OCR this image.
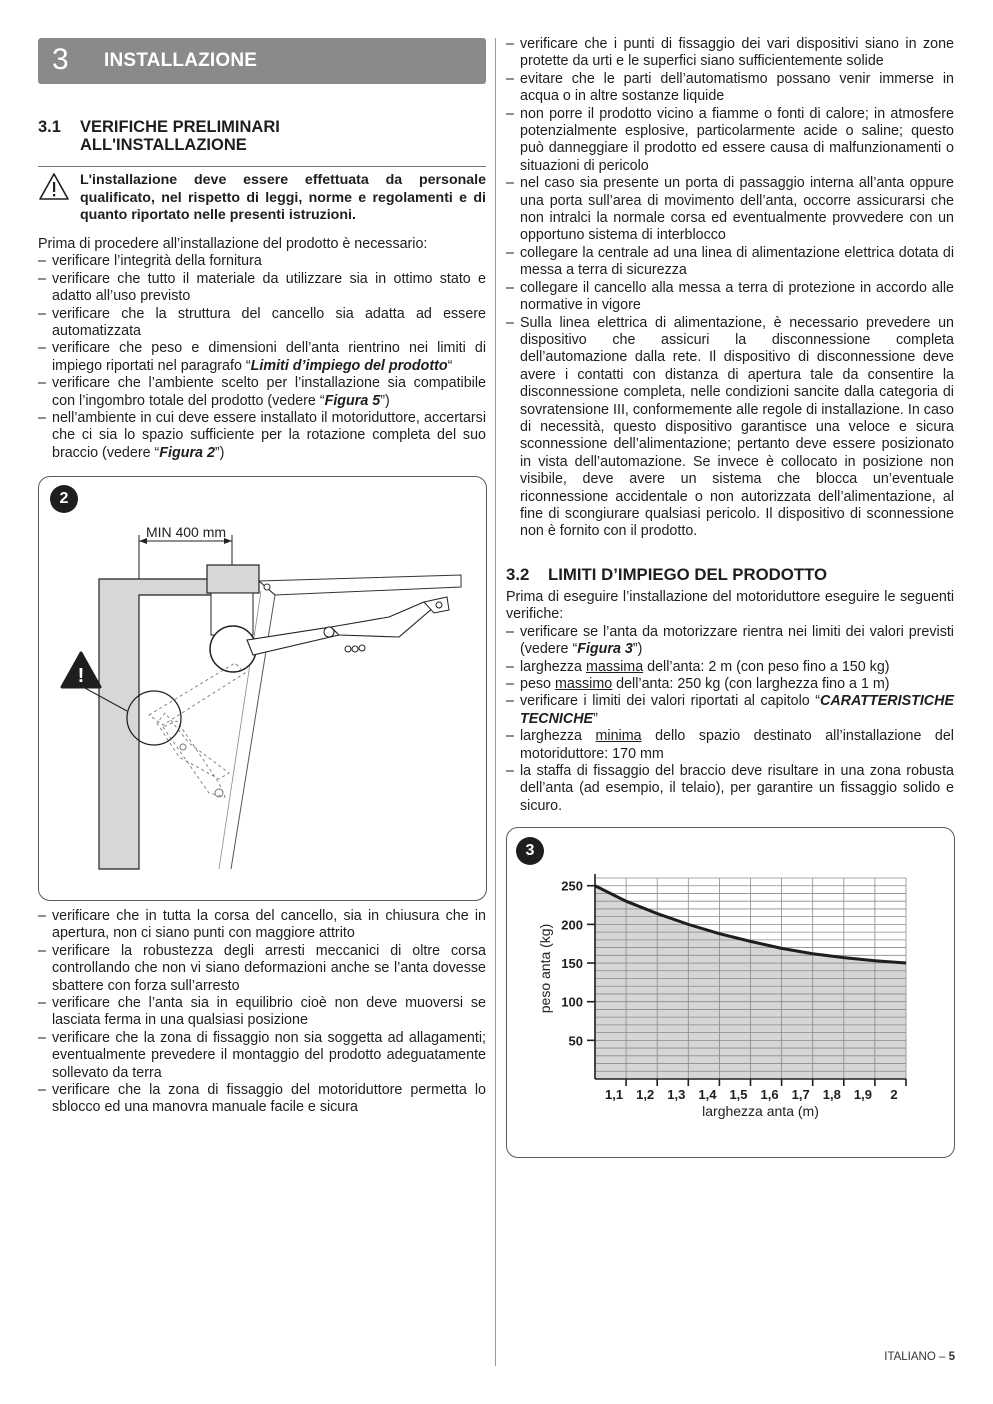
3 INSTALLAZIONE
3.1 VERIFICHE PRELIMINARI
ALL'INSTALLAZIONE
L'installazione deve essere effettuata da personale qualificato, nel rispetto di leggi, norme e regolamenti e di quanto riportato nelle presenti istruzioni.

Prima di procedere all’installazione del prodotto è necessario:

– verificare l’integrità della fornitura
– verificare che tutto il materiale da utilizzare sia in ottimo stato e adatto all’uso previsto
– verificare che la struttura del cancello sia adatta ad essere automatizzata
– verificare che peso e dimensioni dell’anta rientrino nei limiti di impiego riportati nel paragrafo “Limiti d’impiego del prodotto“
– verificare che l’ambiente scelto per l’installazione sia compatibile con l’ingombro totale del prodotto (vedere “Figura 5”)
– nell’ambiente in cui deve essere installato il motoriduttore, accertarsi che ci sia lo spazio sufficiente per la rotazione completa del suo braccio (vedere “Figura 2”)
2
!
MIN 400 mm
– verificare che in tutta la corsa del cancello, sia in chiusura che in apertura, non ci siano punti con maggiore attrito
– verificare la robustezza degli arresti meccanici di oltre corsa controllando che non vi siano deformazioni anche se l’anta dovesse sbattere con forza sull’arresto
– verificare che l’anta sia in equilibrio cioè non deve muoversi se lasciata ferma in una qualsiasi posizione
– verificare che la zona di fissaggio non sia soggetta ad allagamenti; eventualmente prevedere il montaggio del prodotto adeguatamente sollevato da terra
– verificare che la zona di fissaggio del motoriduttore permetta lo sblocco ed una manovra manuale facile e sicura
– verificare che i punti di fissaggio dei vari dispositivi siano in zone protette da urti e le superfici siano sufficientemente solide
– evitare che le parti dell’automatismo possano venir immerse in acqua o in altre sostanze liquide
– non porre il prodotto vicino a fiamme o fonti di calore; in atmosfere potenzialmente esplosive, particolarmente acide o saline; questo può danneggiare il prodotto ed essere causa di malfunzionamenti o situazioni di pericolo
– nel caso sia presente un porta di passaggio interna all’anta oppure una porta sull’area di movimento dell’anta, occorre assicurarsi che non intralci la normale corsa ed eventualmente provvedere con un opportuno sistema di interblocco
– collegare la centrale ad una linea di alimentazione elettrica dotata di messa a terra di sicurezza
– collegare il cancello alla messa a terra di protezione in accordo alle normative in vigore
– Sulla linea elettrica di alimentazione, è necessario prevedere un dispositivo che assicuri la disconnessione completa dell’automazione dalla rete. Il dispositivo di disconnessione deve avere i contatti con distanza di apertura tale da consentire la disconnessione completa, nelle condizioni sancite dalla categoria di sovratensione III, conformemente alle regole di installazione. In caso di necessità, questo dispositivo garantisce una veloce e sicura sconnessione dell’alimentazione; pertanto deve essere posizionato in vista dell’automazione. Se invece è collocato in posizione non visibile, deve avere un sistema che blocca un’eventuale riconnessione accidentale o non autorizzata dell’alimentazione, al fine di scongiurare qualsiasi pericolo. Il dispositivo di sconnessione non è fornito con il prodotto.
3.2 LIMITI D’IMPIEGO DEL PRODOTTO

Prima di eseguire l’installazione del motoriduttore eseguire le seguenti verifiche:

– verificare se l’anta da motorizzare rientra nei limiti dei valori previsti (vedere “Figura 3”)
– larghezza massima dell’anta: 2 m (con peso fino a 150 kg)
– peso massimo dell’anta: 250 kg (con larghezza fino a 1 m)
– verificare i limiti dei valori riportati al capitolo “CARATTERISTICHE TECNICHE”
– larghezza minima dello spazio destinato all’installazione del motoriduttore: 170 mm
– la staffa di fissaggio del braccio deve risultare in una zona robusta dell’anta (ad esempio, il telaio), per garantire un fissaggio solido e sicuro.
3
50
100
150
200
250
1,1 1,2 1,3 1,4 1,5 1,6 1,7 1,8 1,9 2
larghezza anta (m)
peso anta (kg)
ITALIANO – 5
